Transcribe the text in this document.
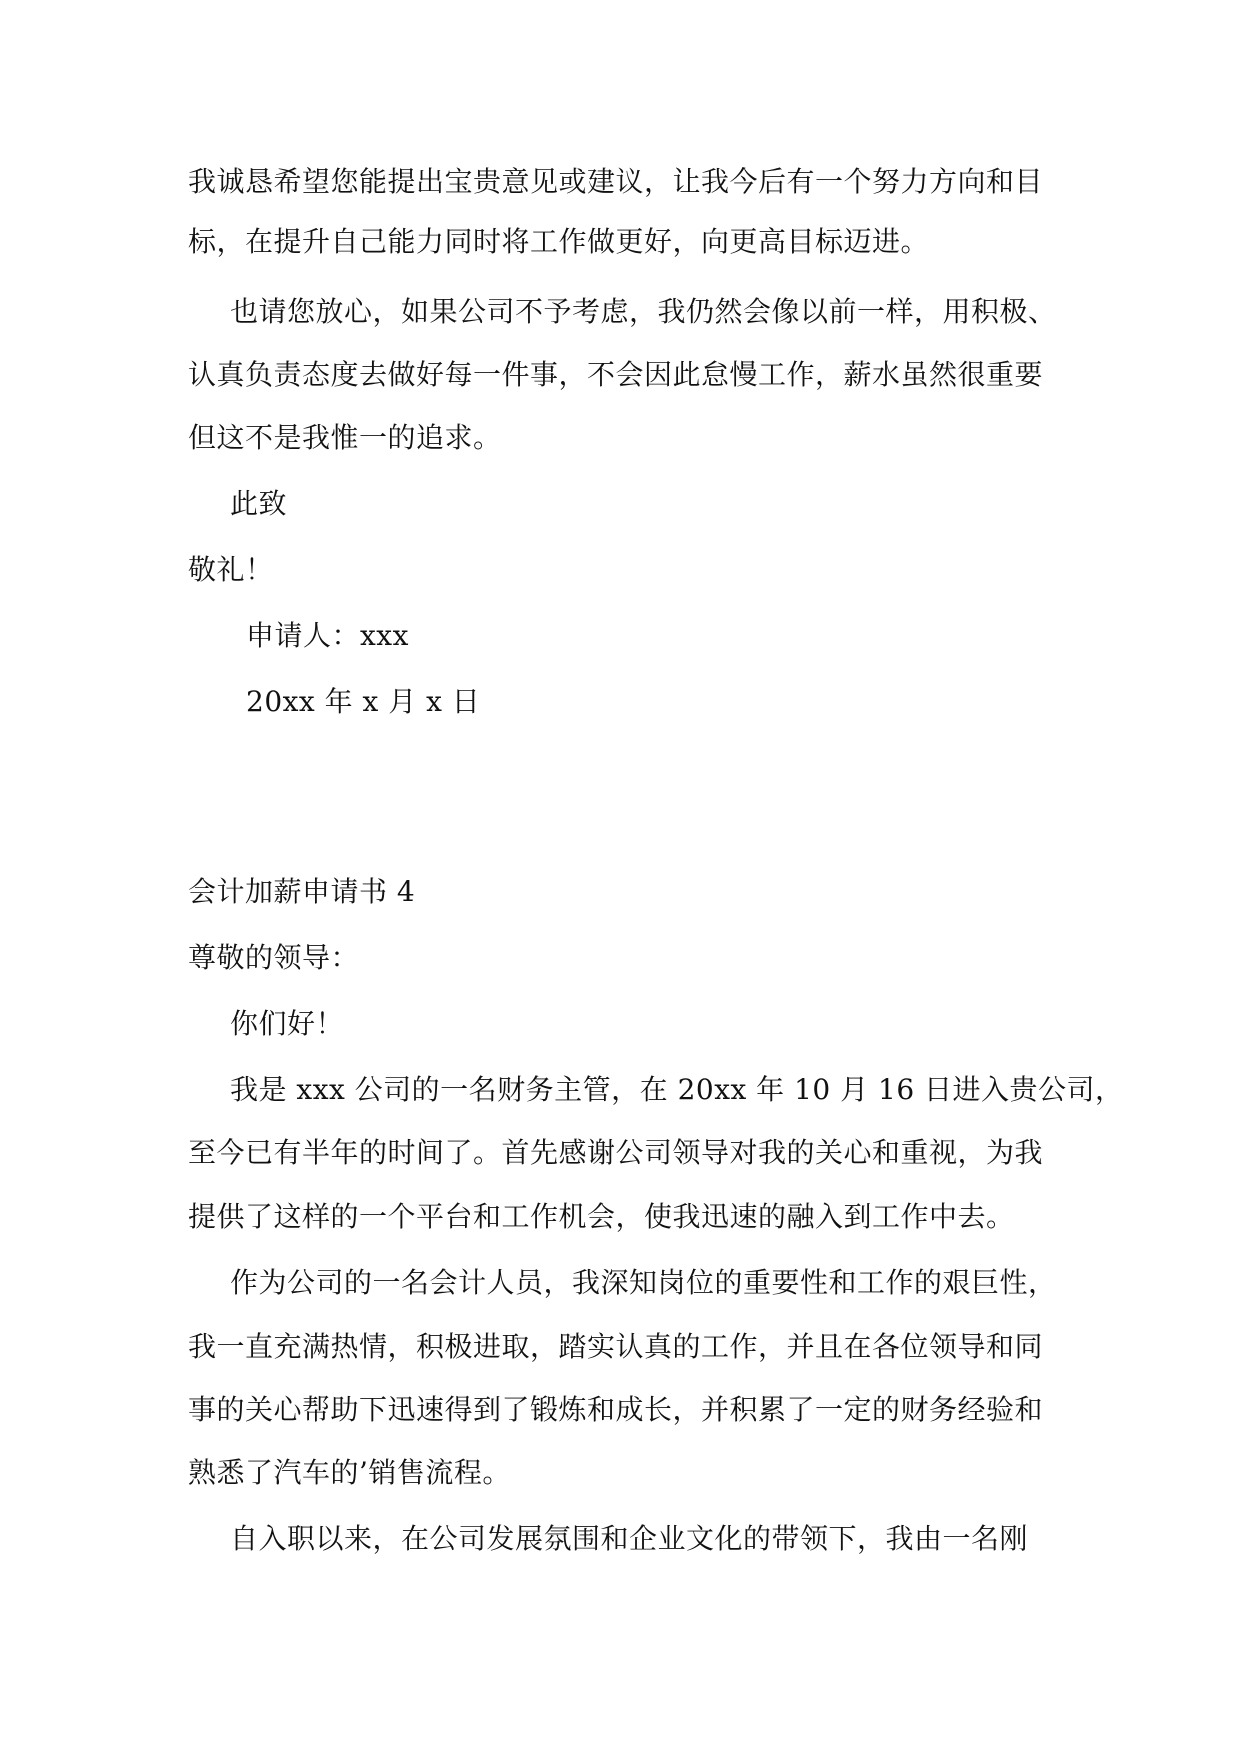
我诚恳希望您能提出宝贵意见或建议，让我今后有一个努力方向和目
标，在提升自己能力同时将工作做更好，向更高目标迈进。
也请您放心，如果公司不予考虑，我仍然会像以前一样，用积极、
认真负责态度去做好每一件事，不会因此怠慢工作，薪水虽然很重要
但这不是我惟一的追求。
此致
敬礼！
申请人：xxx
20xx 年 x 月 x 日
会计加薪申请书 4
尊敬的领导：
你们好！
我是 xxx 公司的一名财务主管，在 20xx 年 10 月 16 日进入贵公司，
至今已有半年的时间了。首先感谢公司领导对我的关心和重视，为我
提供了这样的一个平台和工作机会，使我迅速的融入到工作中去。
作为公司的一名会计人员，我深知岗位的重要性和工作的艰巨性，
我一直充满热情，积极进取，踏实认真的工作，并且在各位领导和同
事的关心帮助下迅速得到了锻炼和成长，并积累了一定的财务经验和
熟悉了汽车的’销售流程。
自入职以来，在公司发展氛围和企业文化的带领下，我由一名刚
